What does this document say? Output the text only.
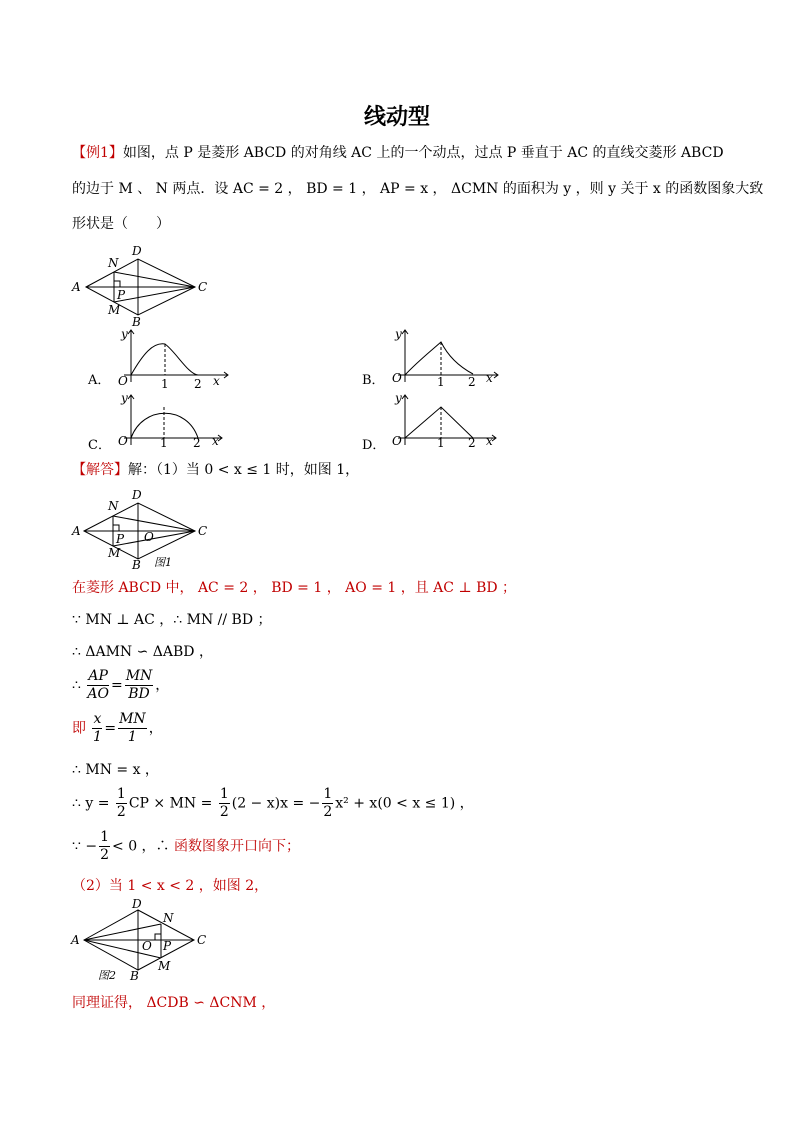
线动型
【例1】如图，点 P 是菱形 ABCD 的对角线 AC 上的一个动点，过点 P 垂直于 AC 的直线交菱形 ABCD
的边于 M 、 N 两点．设 AC = 2 ， BD = 1 ， AP = x ， ΔCMN 的面积为 y ，则 y 关于 x 的函数图象大致
形状是（　　）
A
D
C
B
N
M
P
A．
y
x
O	1 2	B．
y
x
O	1 2
C．
y
x
O	1 2	D．
y
x
O	1 2
【解答】解：（1）当 0 < x ≤ 1 时，如图 1，
A
D
C
B
N
M
P O
图1
在菱形 ABCD 中， AC = 2 ， BD = 1 ， AO = 1 ，且 AC ⊥ BD ；
∵ MN ⊥ AC ，∴ MN // BD ；
∴ ΔAMN ∽ ΔABD ，
∴ $\frac{AP}{AO} = \frac{MN}{BD}$ ，
即 $\frac{x}{1} = \frac{MN}{1}$ ，
∴ MN = x ，
∴ $y = \frac{1}{2}$ CP × MN = $\frac{1}{2} (2 - x)x$ = − $\frac{1}{2} x^2 + x(0 < x \le 1)$ ，
∵ − $\frac{1}{2} < 0$ ，∴ 函数图象开口向下；
（2）当 1 < x < 2 ，如图 2，
A
D
C
B
N
M
P
O
图2
同理证得， ΔCDB ∽ ΔCNM ，
